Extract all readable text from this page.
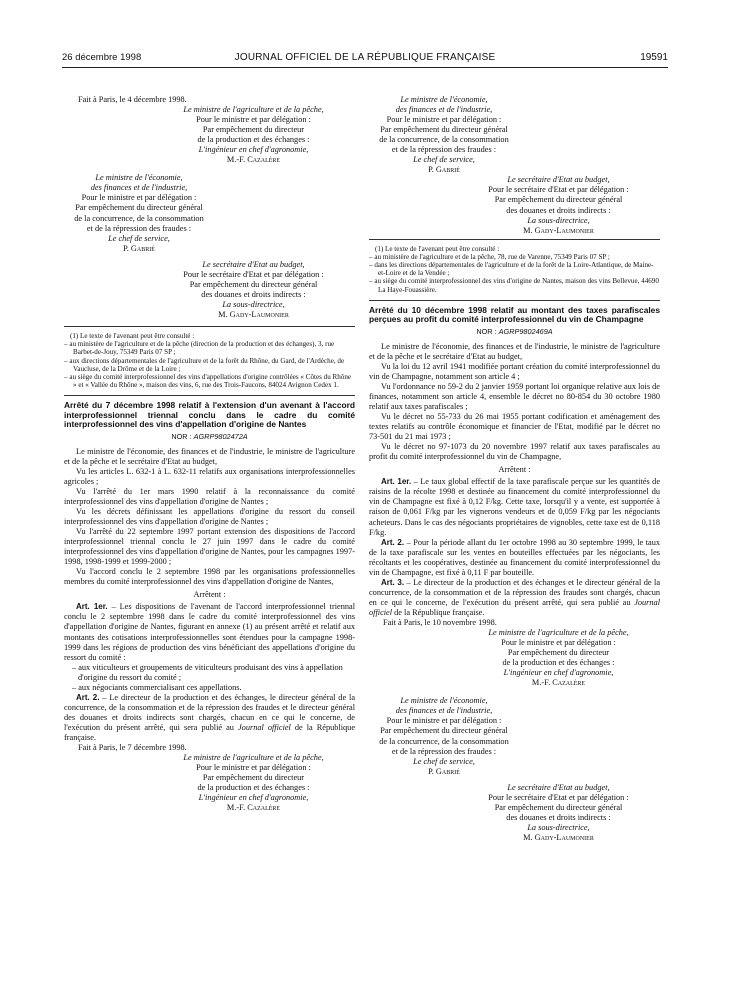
26 décembre 1998	JOURNAL OFFICIEL DE LA RÉPUBLIQUE FRANÇAISE	19591

Fait à Paris, le 4 décembre 1998.

Le ministre de l'agriculture et de la pêche,

Pour le ministre et par délégation :

Par empêchement du directeur

de la production et des échanges :

L'ingénieur en chef d'agronomie,

M.-F. Cazalère

Le ministre de l'économie,

des finances et de l'industrie,

Pour le ministre et par délégation :

Par empêchement du directeur général

de la concurrence, de la consommation

et de la répression des fraudes :

Le chef de service,

P. Gabrié

Le secrétaire d'Etat au budget,

Pour le secrétaire d'Etat et par délégation :

Par empêchement du directeur général

des douanes et droits indirects :

La sous-directrice,

M. Gady-Laumonier

(1) Le texte de l'avenant peut être consulté :

– au ministère de l'agriculture et de la pêche (direction de la production et des échanges), 3, rue Barbet-de-Jouy, 75349 Paris 07 SP ;

– aux directions départementales de l'agriculture et de la forêt du Rhône, du Gard, de l'Ardèche, de Vaucluse, de la Drôme et de la Loire ;

– au siège du comité interprofessionnel des vins d'appellations d'origine contrôlées « Côtes du Rhône » et « Vallée du Rhône », maison des vins, 6, rue des Trois-Faucons, 84024 Avignon Cedex 1.

Arrêté du 7 décembre 1998 relatif à l'extension d'un avenant à l'accord interprofessionnel triennal conclu dans le cadre du comité interprofessionnel des vins d'appellation d'origine de Nantes

NOR : AGRP9802472A

Le ministre de l'économie, des finances et de l'industrie, le ministre de l'agriculture et de la pêche et le secrétaire d'Etat au budget,

Vu les articles L. 632-1 à L. 632-11 relatifs aux organisations interprofessionnelles agricoles ;

Vu l'arrêté du 1er mars 1990 relatif à la reconnaissance du comité interprofessionnel des vins d'appellation d'origine de Nantes ;

Vu les décrets définissant les appellations d'origine du ressort du conseil interprofessionnel des vins d'appellation d'origine de Nantes ;

Vu l'arrêté du 22 septembre 1997 portant extension des dispositions de l'accord interprofessionnel triennal conclu le 27 juin 1997 dans le cadre du comité interprofessionnel des vins d'appellation d'origine de Nantes, pour les campagnes 1997-1998, 1998-1999 et 1999-2000 ;

Vu l'accord conclu le 2 septembre 1998 par les organisations professionnelles membres du comité interprofessionnel des vins d'appellation d'origine de Nantes,

Arrêtent :

Art. 1er. – Les dispositions de l'avenant de l'accord interprofessionnel triennal conclu le 2 septembre 1998 dans le cadre du comité interprofessionnel des vins d'appellation d'origine de Nantes, figurant en annexe (1) au présent arrêté et relatif aux montants des cotisations interprofessionnelles sont étendues pour la campagne 1998-1999 dans les régions de production des vins bénéficiant des appellations d'origine du ressort du comité :

– aux viticulteurs et groupements de viticulteurs produisant des vins à appellation d'origine du ressort du comité ;

– aux négociants commercialisant ces appellations.

Art. 2. – Le directeur de la production et des échanges, le directeur général de la concurrence, de la consommation et de la répression des fraudes et le directeur général des douanes et droits indirects sont chargés, chacun en ce qui le concerne, de l'exécution du présent arrêté, qui sera publié au Journal officiel de la République française.

Fait à Paris, le 7 décembre 1998.

Le ministre de l'agriculture et de la pêche,

Pour le ministre et par délégation :

Par empêchement du directeur

de la production et des échanges :

L'ingénieur en chef d'agronomie,

M.-F. Cazalère

Le ministre de l'économie,

des finances et de l'industrie,

Pour le ministre et par délégation :

Par empêchement du directeur général

de la concurrence, de la consommation

et de la répression des fraudes :

Le chef de service,

P. Gabrié

Le secrétaire d'Etat au budget,

Pour le secrétaire d'Etat et par délégation :

Par empêchement du directeur général

des douanes et droits indirects :

La sous-directrice,

M. Gady-Laumonier

(1) Le texte de l'avenant peut être consulté :

– au ministère de l'agriculture et de la pêche, 78, rue de Varenne, 75349 Paris 07 SP ;

– dans les directions départementales de l'agriculture et de la forêt de la Loire-Atlantique, de Maine-et-Loire et de la Vendée ;

– au siège du comité interprofessionnel des vins d'origine de Nantes, maison des vins Bellevue, 44690 La Haye-Fouassière.

Arrêté du 10 décembre 1998 relatif au montant des taxes parafiscales perçues au profit du comité interprofessionnel du vin de Champagne

NOR : AGRP9802469A

Le ministre de l'économie, des finances et de l'industrie, le ministre de l'agriculture et de la pêche et le secrétaire d'Etat au budget,

Vu la loi du 12 avril 1941 modifiée portant création du comité interprofessionnel du vin de Champagne, notamment son article 4 ;

Vu l'ordonnance no 59-2 du 2 janvier 1959 portant loi organique relative aux lois de finances, notamment son article 4, ensemble le décret no 80-854 du 30 octobre 1980 relatif aux taxes parafiscales ;

Vu le décret no 55-733 du 26 mai 1955 portant codification et aménagement des textes relatifs au contrôle économique et financier de l'Etat, modifié par le décret no 73-501 du 21 mai 1973 ;

Vu le décret no 97-1073 du 20 novembre 1997 relatif aux taxes parafiscales au profit du comité interprofessionnel du vin de Champagne,

Arrêtent :

Art. 1er. – Le taux global effectif de la taxe parafiscale perçue sur les quantités de raisins de la récolte 1998 et destinée au financement du comité interprofessionnel du vin de Champagne est fixé à 0,12 F/kg. Cette taxe, lorsqu'il y a vente, est supportée à raison de 0,061 F/kg par les vignerons vendeurs et de 0,059 F/kg par les négociants acheteurs. Dans le cas des négociants propriétaires de vignobles, cette taxe est de 0,118 F/kg.

Art. 2. – Pour la période allant du 1er octobre 1998 au 30 septembre 1999, le taux de la taxe parafiscale sur les ventes en bouteilles effectuées par les négociants, les récoltants et les coopératives, destinée au financement du comité interprofessionnel du vin de Champagne, est fixé à 0,11 F par bouteille.

Art. 3. – Le directeur de la production et des échanges et le directeur général de la concurrence, de la consommation et de la répression des fraudes sont chargés, chacun en ce qui le concerne, de l'exécution du présent arrêté, qui sera publié au Journal officiel de la République française.

Fait à Paris, le 10 novembre 1998.

Le ministre de l'agriculture et de la pêche,

Pour le ministre et par délégation :

Par empêchement du directeur

de la production et des échanges :

L'ingénieur en chef d'agronomie,

M.-F. Cazalère

Le ministre de l'économie,

des finances et de l'industrie,

Pour le ministre et par délégation :

Par empêchement du directeur général

de la concurrence, de la consommation

et de la répression des fraudes :

Le chef de service,

P. Gabrié

Le secrétaire d'Etat au budget,

Pour le secrétaire d'Etat et par délégation :

Par empêchement du directeur général

des douanes et droits indirects :

La sous-directrice,

M. Gady-Laumonier
